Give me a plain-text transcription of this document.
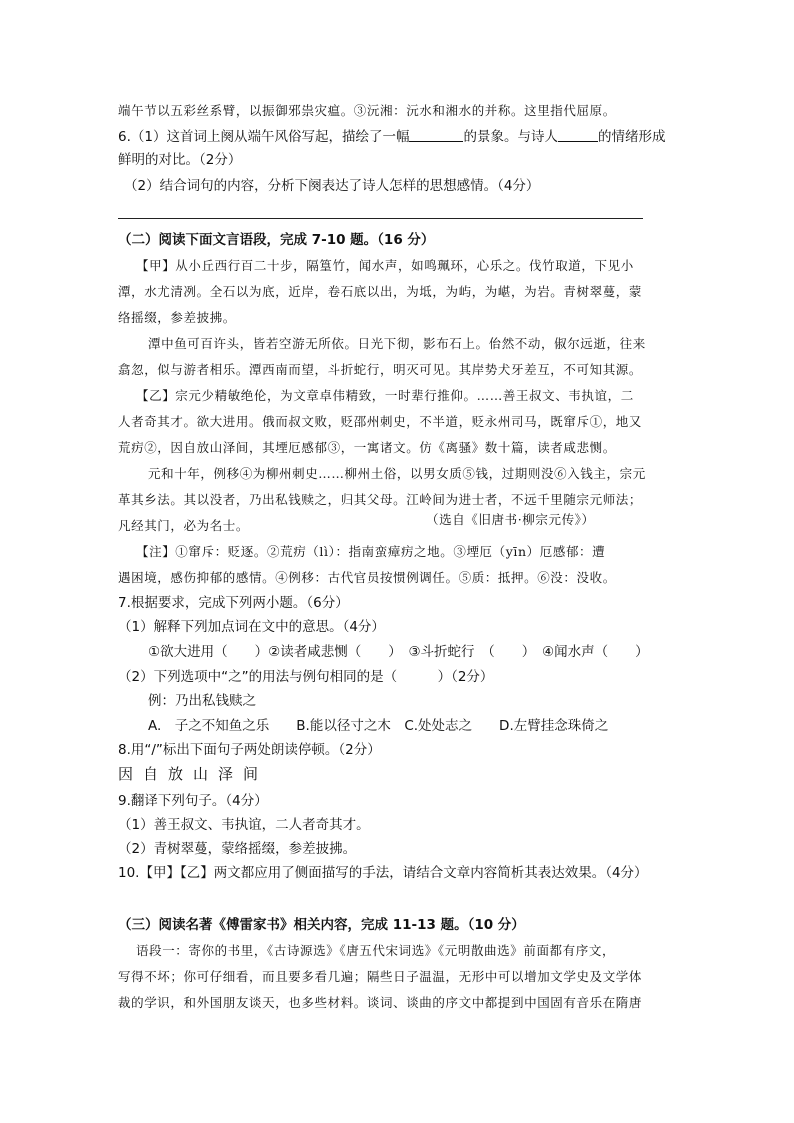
端午节以五彩丝系臂，以振御邪祟灾瘟。③沅湘：沅水和湘水的并称。这里指代屈原。
6.（1）这首词上阕从端午风俗写起，描绘了一幅	的景象。与诗人	的情绪形成
鲜明的对比。（2分）
（2）结合词句的内容，分析下阕表达了诗人怎样的思想感情。（4分）
（二）阅读下面文言语段，完成 7-10 题。（16 分）
【甲】从小丘西行百二十步，隔篁竹，闻水声，如鸣珮环，心乐之。伐竹取道，下见小
潭，水尤清冽。全石以为底，近岸，卷石底以出，为坻，为屿，为嵁，为岩。青树翠蔓，蒙
络摇缀，参差披拂。
潭中鱼可百许头，皆若空游无所依。日光下彻，影布石上。佁然不动，俶尔远逝，往来
翕忽，似与游者相乐。潭西南而望，斗折蛇行，明灭可见。其岸势犬牙差互，不可知其源。
【乙】宗元少精敏绝伦，为文章卓伟精致，一时辈行推仰。……善王叔文、韦执谊，二
人者奇其才。欲大进用。俄而叔文败，贬邵州刺史，不半道，贬永州司马，既窜斥①，地又
荒疠②，因自放山泽间，其堙厄感郁③，一寓诸文。仿《离骚》数十篇，读者咸悲恻。
元和十年，例移④为柳州刺史……柳州土俗，以男女质⑤钱，过期则没⑥入钱主，宗元
革其乡法。其以没者，乃出私钱赎之，归其父母。江岭间为进士者，不远千里随宗元师法；
凡经其门，必为名士。	（选自《旧唐书·柳宗元传》）
【注】①窜斥：贬逐。②荒疠（lì）：指南蛮瘴疠之地。③堙厄（yīn）厄感郁：遭
遇困境，感伤抑郁的感情。④例移：古代官员按惯例调任。⑤质：抵押。⑥没：没收。
7.根据要求，完成下列两小题。（6分）
（1）解释下列加点词在文中的意思。（4分）
①欲大进用（　　）②读者咸悲恻（　　）　③斗折蛇行　（　　）　④闻水声（　　）
（2）下列选项中“之”的用法与例句相同的是（　　　）（2分）
例：乃出私钱赎之
A.　子之不知鱼之乐　　B.能以径寸之木　C.处处志之　　D.左臂挂念珠倚之
8.用“/”标出下面句子两处朗读停顿。（2分）
因自放山泽间
9.翻译下列句子。（4分）
（1）善王叔文、韦执谊，二人者奇其才。
（2）青树翠蔓，蒙络摇缀，参差披拂。
10.【甲】【乙】两文都应用了侧面描写的手法，请结合文章内容简析其表达效果。（4分）
（三）阅读名著《傅雷家书》相关内容，完成 11-13 题。（10 分）
语段一：寄你的书里，《古诗源选》《唐五代宋词选》《元明散曲选》前面都有序文，
写得不坏；你可仔细看，而且要多看几遍；隔些日子温温，无形中可以增加文学史及文学体
裁的学识，和外国朋友谈天，也多些材料。谈词、谈曲的序文中都提到中国固有音乐在隋唐
